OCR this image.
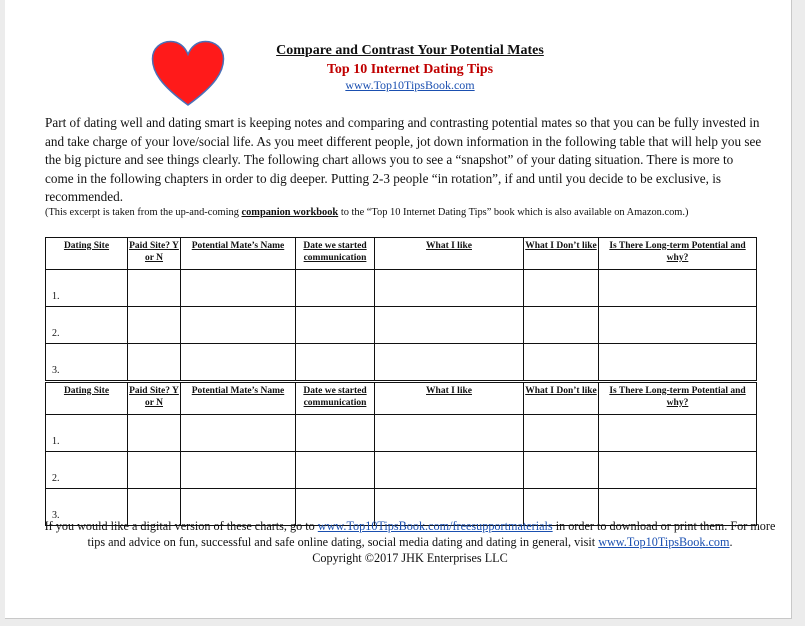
Compare and Contrast Your Potential Mates
Top 10 Internet Dating Tips
www.Top10TipsBook.com

Part of dating well and dating smart is keeping notes and comparing and contrasting potential mates so that you can be fully invested in and take charge of your love/social life. As you meet different people, jot down information in the following table that will help you see the big picture and see things clearly. The following chart allows you to see a “snapshot” of your dating situation. There is more to come in the following chapters in order to dig deeper. Putting 2-3 people “in rotation”, if and until you decide to be exclusive, is recommended.

(This excerpt is taken from the up-and-coming companion workbook to the “Top 10 Internet Dating Tips” book which is also available on Amazon.com.)
Dating Site	Paid Site? Y or N	Potential Mate’s Name	Date we started communication	What I like	What I Don’t like	Is There Long-term Potential and why?
1.						
2.						
3.						
Dating Site	Paid Site? Y or N	Potential Mate’s Name	Date we started communication	What I like	What I Don’t like	Is There Long-term Potential and why?
1.						
2.						
3.						
If you would like a digital version of these charts, go to www.Top10TipsBook.com/freesupportmaterials in order to download or print them. For more tips and advice on fun, successful and safe online dating, social media dating and dating in general, visit www.Top10TipsBook.com.
Copyright ©2017 JHK Enterprises LLC
